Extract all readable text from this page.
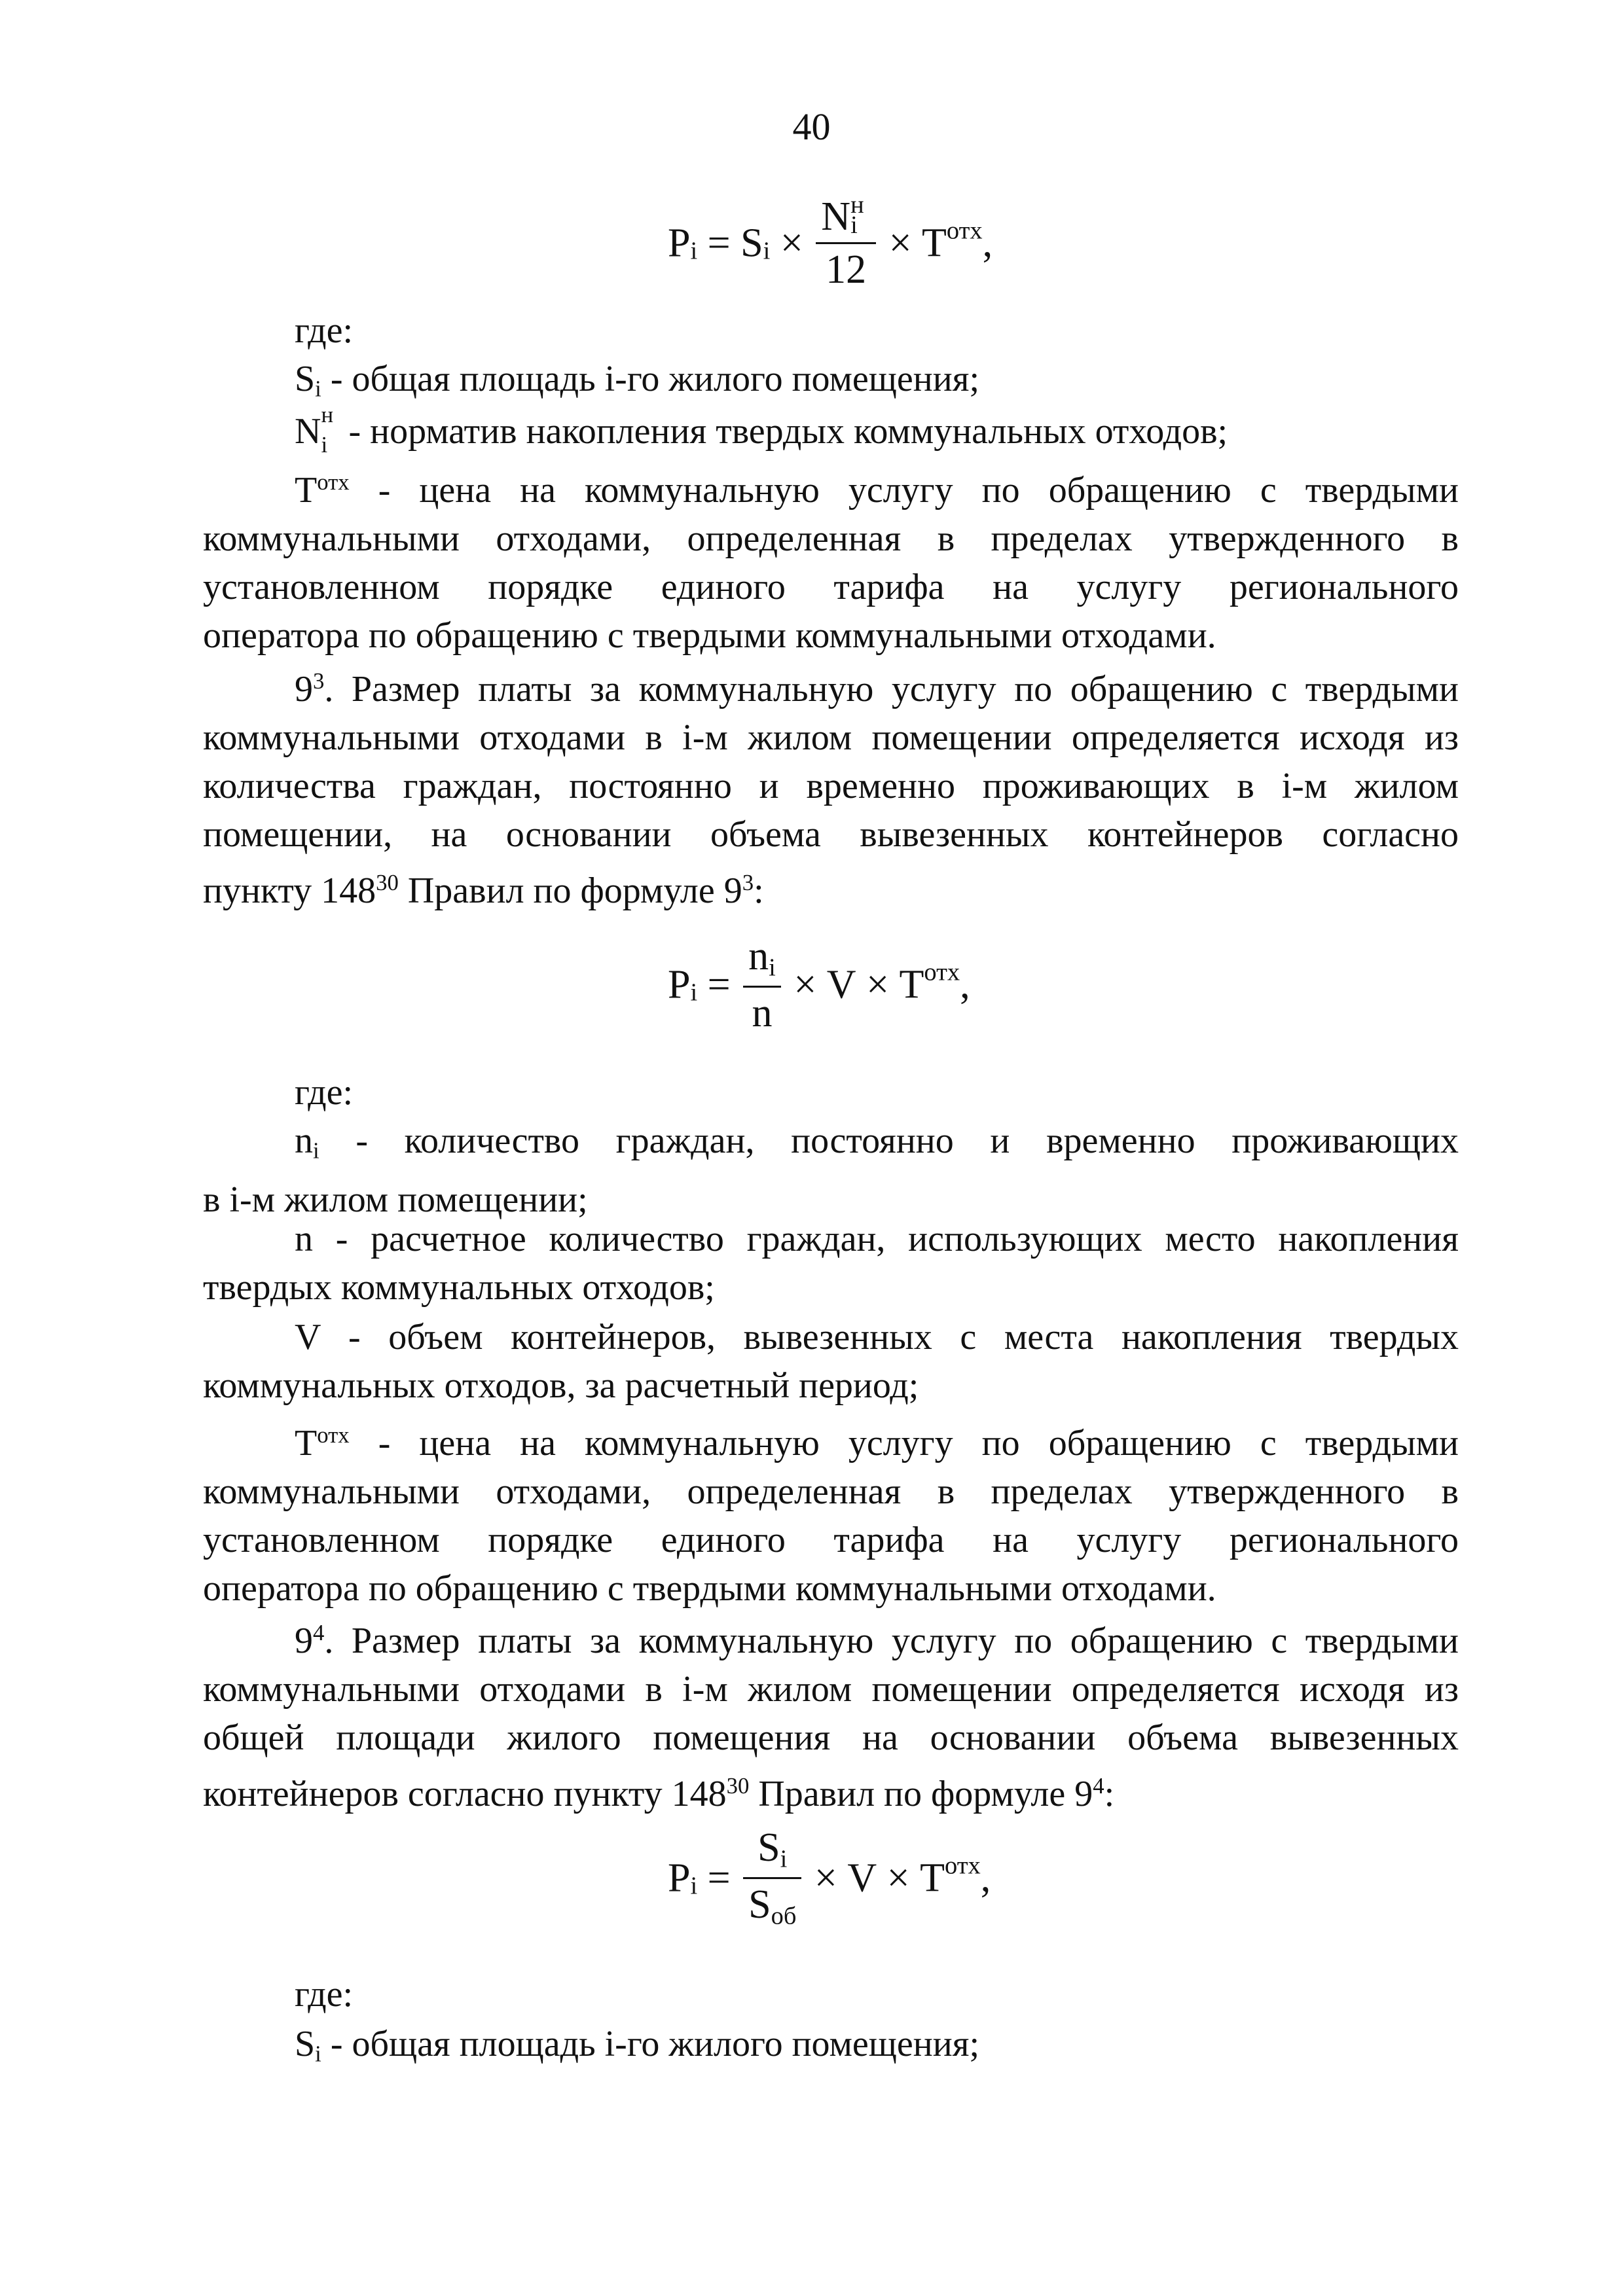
40
$P_i = S_i \times N$ н
i

$12 \times T^{отх}$,
где:
$S_i$ - общая площадь i-го жилого помещения;
N н
i - норматив накопления твердых коммунальных отходов;
$T^{отх}$ - цена на коммунальную услугу по обращению с твердыми
коммунальными отходами, определенная в пределах утвержденного в
установленном порядке единого тарифа на услугу регионального
оператора по обращению с твердыми коммунальными отходами.
$9^3$. Размер платы за коммунальную услугу по обращению с твердыми
коммунальными отходами в i-м жилом помещении определяется исходя из
количества граждан, постоянно и временно проживающих в i-м жилом
помещении, на основании объема вывезенных контейнеров согласно
пункту $148^{30}$ Правил по формуле $9^3$:
$P_i = \frac{n_i}{n} \times V \times T^{отх}$,
где:
$n_i$ - количество граждан, постоянно и временно проживающих
в i-м жилом помещении;
n - расчетное количество граждан, использующих место накопления
твердых коммунальных отходов;
V - объем контейнеров, вывезенных с места накопления твердых
коммунальных отходов, за расчетный период;
$T^{отх}$ - цена на коммунальную услугу по обращению с твердыми
коммунальными отходами, определенная в пределах утвержденного в
установленном порядке единого тарифа на услугу регионального
оператора по обращению с твердыми коммунальными отходами.
$9^4$. Размер платы за коммунальную услугу по обращению с твердыми
коммунальными отходами в i-м жилом помещении определяется исходя из
общей площади жилого помещения на основании объема вывезенных
контейнеров согласно пункту $148^{30}$ Правил по формуле $9^4$:
$P_i = \frac{S_i}{S_{об}} \times V \times T^{отх}$,
где:
$S_i$ - общая площадь i-го жилого помещения;
